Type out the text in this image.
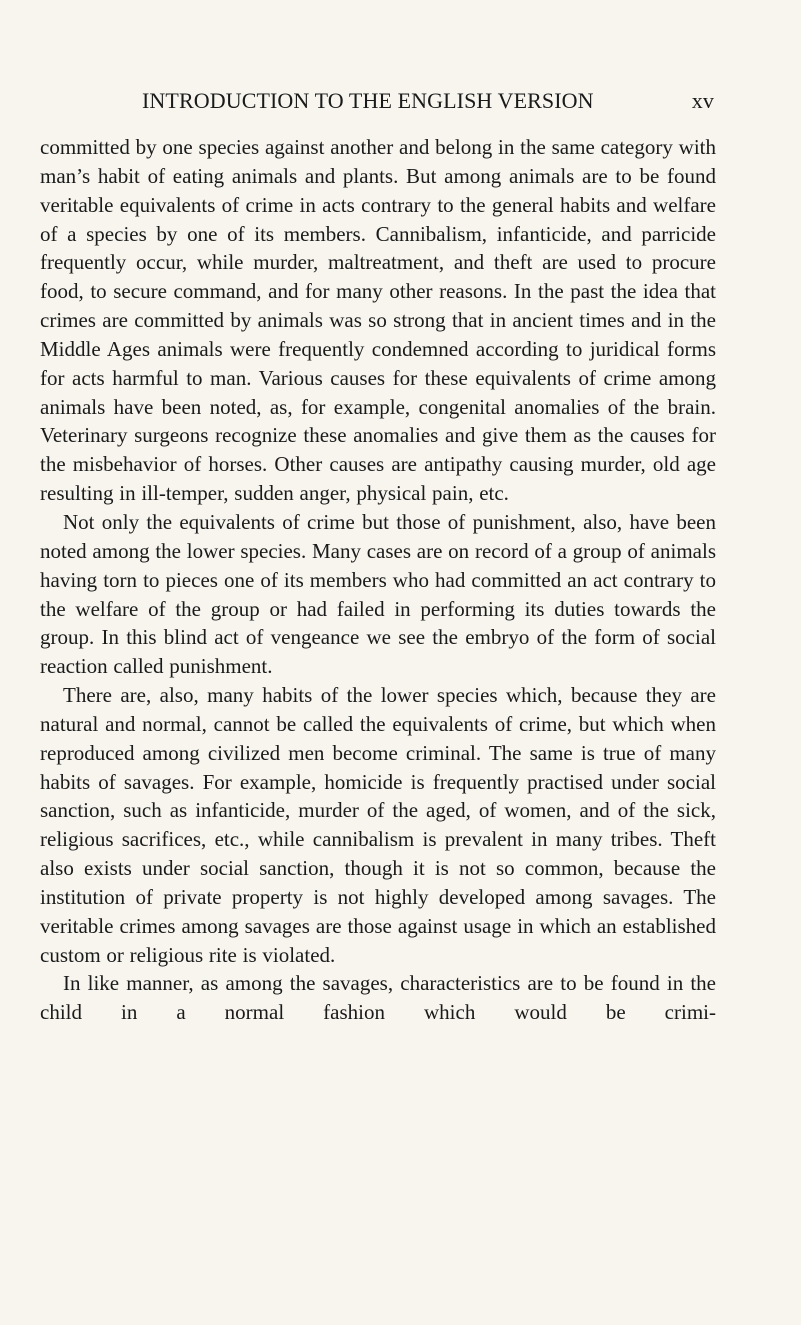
INTRODUCTION TO THE ENGLISH VERSION	xv

committed by one species against another and belong in the same category with man’s habit of eating animals and plants. But among animals are to be found veritable equivalents of crime in acts contrary to the general habits and welfare of a species by one of its members. Cannibalism, infanticide, and parricide frequently occur, while murder, maltreatment, and theft are used to procure food, to secure command, and for many other reasons. In the past the idea that crimes are committed by animals was so strong that in ancient times and in the Middle Ages animals were frequently condemned according to juridical forms for acts harmful to man. Various causes for these equivalents of crime among animals have been noted, as, for example, congenital anomalies of the brain. Veterinary surgeons recognize these anomalies and give them as the causes for the misbehavior of horses. Other causes are antipathy causing murder, old age resulting in ill-temper, sudden anger, physical pain, etc.

Not only the equivalents of crime but those of punishment, also, have been noted among the lower species. Many cases are on record of a group of animals having torn to pieces one of its members who had committed an act contrary to the welfare of the group or had failed in performing its duties towards the group. In this blind act of vengeance we see the embryo of the form of social reaction called punishment.

There are, also, many habits of the lower species which, because they are natural and normal, cannot be called the equivalents of crime, but which when reproduced among civilized men become criminal. The same is true of many habits of savages. For example, homicide is frequently practised under social sanction, such as infanticide, murder of the aged, of women, and of the sick, religious sacrifices, etc., while cannibalism is prevalent in many tribes. Theft also exists under social sanction, though it is not so common, because the institution of private property is not highly developed among savages. The veritable crimes among savages are those against usage in which an established custom or religious rite is violated.

In like manner, as among the savages, characteristics are to be found in the child in a normal fashion which would be crimi-
